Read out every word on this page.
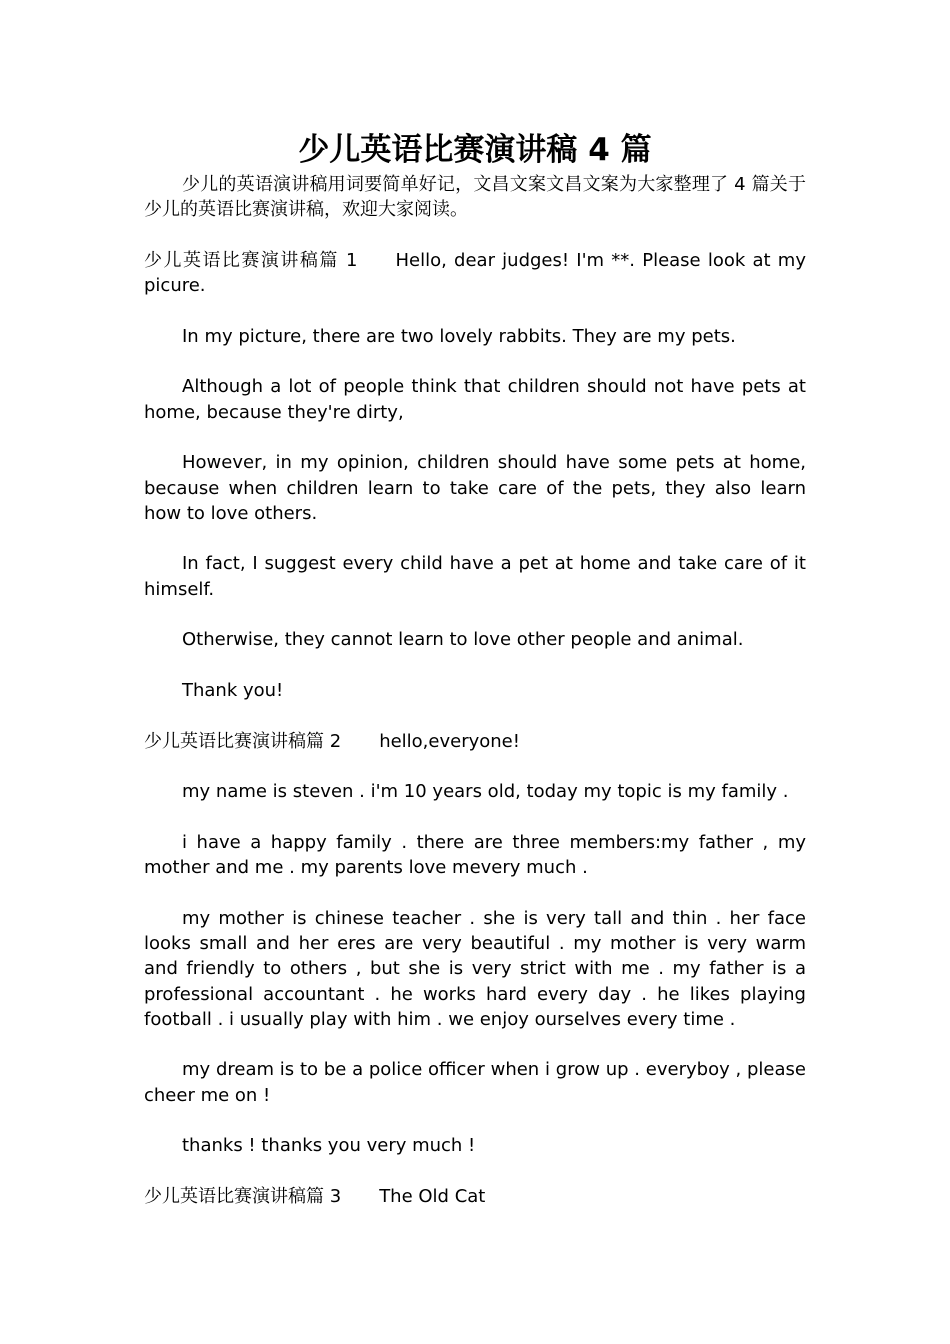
少儿英语比赛演讲稿 4 篇

少儿的英语演讲稿用词要简单好记，文昌文案文昌文案为大家整理了 4 篇关于少儿的英语比赛演讲稿，欢迎大家阅读。

少儿英语比赛演讲稿篇 1 Hello, dear judges! I'm **. Please look at my picure.

In my picture, there are two lovely rabbits. They are my pets.

Although a lot of people think that children should not have pets at home, because they're dirty,

However, in my opinion, children should have some pets at home, because when children learn to take care of the pets, they also learn how to love others.

In fact, I suggest every child have a pet at home and take care of it himself.

Otherwise, they cannot learn to love other people and animal.

Thank you!

少儿英语比赛演讲稿篇 2 hello,everyone!

my name is steven . i'm 10 years old, today my topic is my family .

i have a happy family . there are three members:my father , my mother and me . my parents love mevery much .

my mother is chinese teacher . she is very tall and thin . her face looks small and her eres are very beautiful . my mother is very warm and friendly to others , but she is very strict with me . my father is a professional accountant . he works hard every day . he likes playing football . i usually play with him . we enjoy ourselves every time .

my dream is to be a police officer when i grow up . everyboy , please cheer me on !

thanks ! thanks you very much !

少儿英语比赛演讲稿篇 3 The Old Cat
